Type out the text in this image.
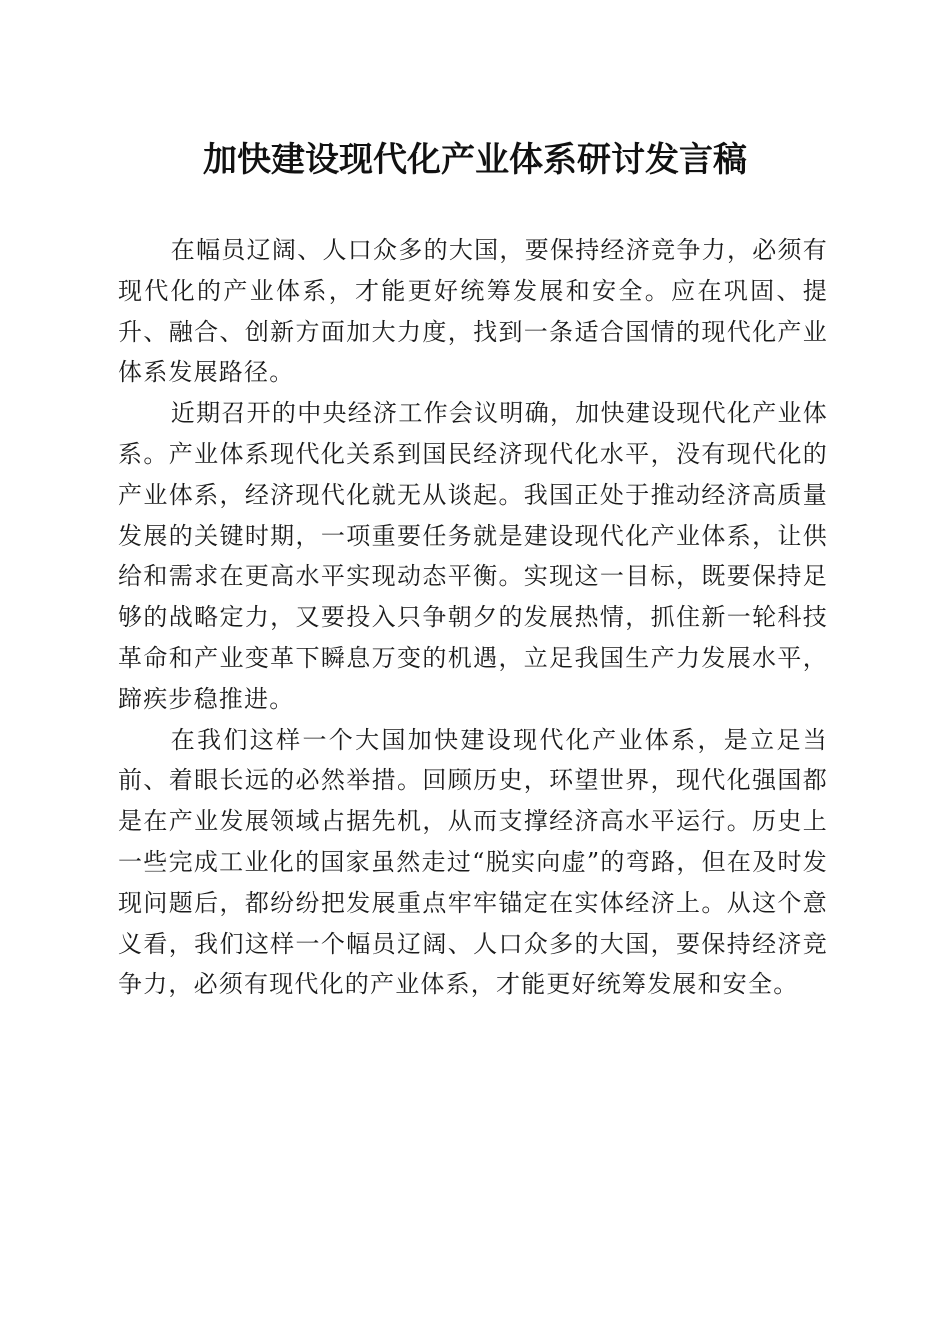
加快建设现代化产业体系研讨发言稿

在幅员辽阔、人口众多的大国，要保持经济竞争力，必须有现代化的产业体系，才能更好统筹发展和安全。应在巩固、提升、融合、创新方面加大力度，找到一条适合国情的现代化产业体系发展路径。

近期召开的中央经济工作会议明确，加快建设现代化产业体系。产业体系现代化关系到国民经济现代化水平，没有现代化的产业体系，经济现代化就无从谈起。我国正处于推动经济高质量发展的关键时期，一项重要任务就是建设现代化产业体系，让供给和需求在更高水平实现动态平衡。实现这一目标，既要保持足够的战略定力，又要投入只争朝夕的发展热情，抓住新一轮科技革命和产业变革下瞬息万变的机遇，立足我国生产力发展水平，蹄疾步稳推进。

在我们这样一个大国加快建设现代化产业体系，是立足当前、着眼长远的必然举措。回顾历史，环望世界，现代化强国都是在产业发展领域占据先机，从而支撑经济高水平运行。历史上一些完成工业化的国家虽然走过“脱实向虚”的弯路，但在及时发现问题后，都纷纷把发展重点牢牢锚定在实体经济上。从这个意义看，我们这样一个幅员辽阔、人口众多的大国，要保持经济竞争力，必须有现代化的产业体系，才能更好统筹发展和安全。
